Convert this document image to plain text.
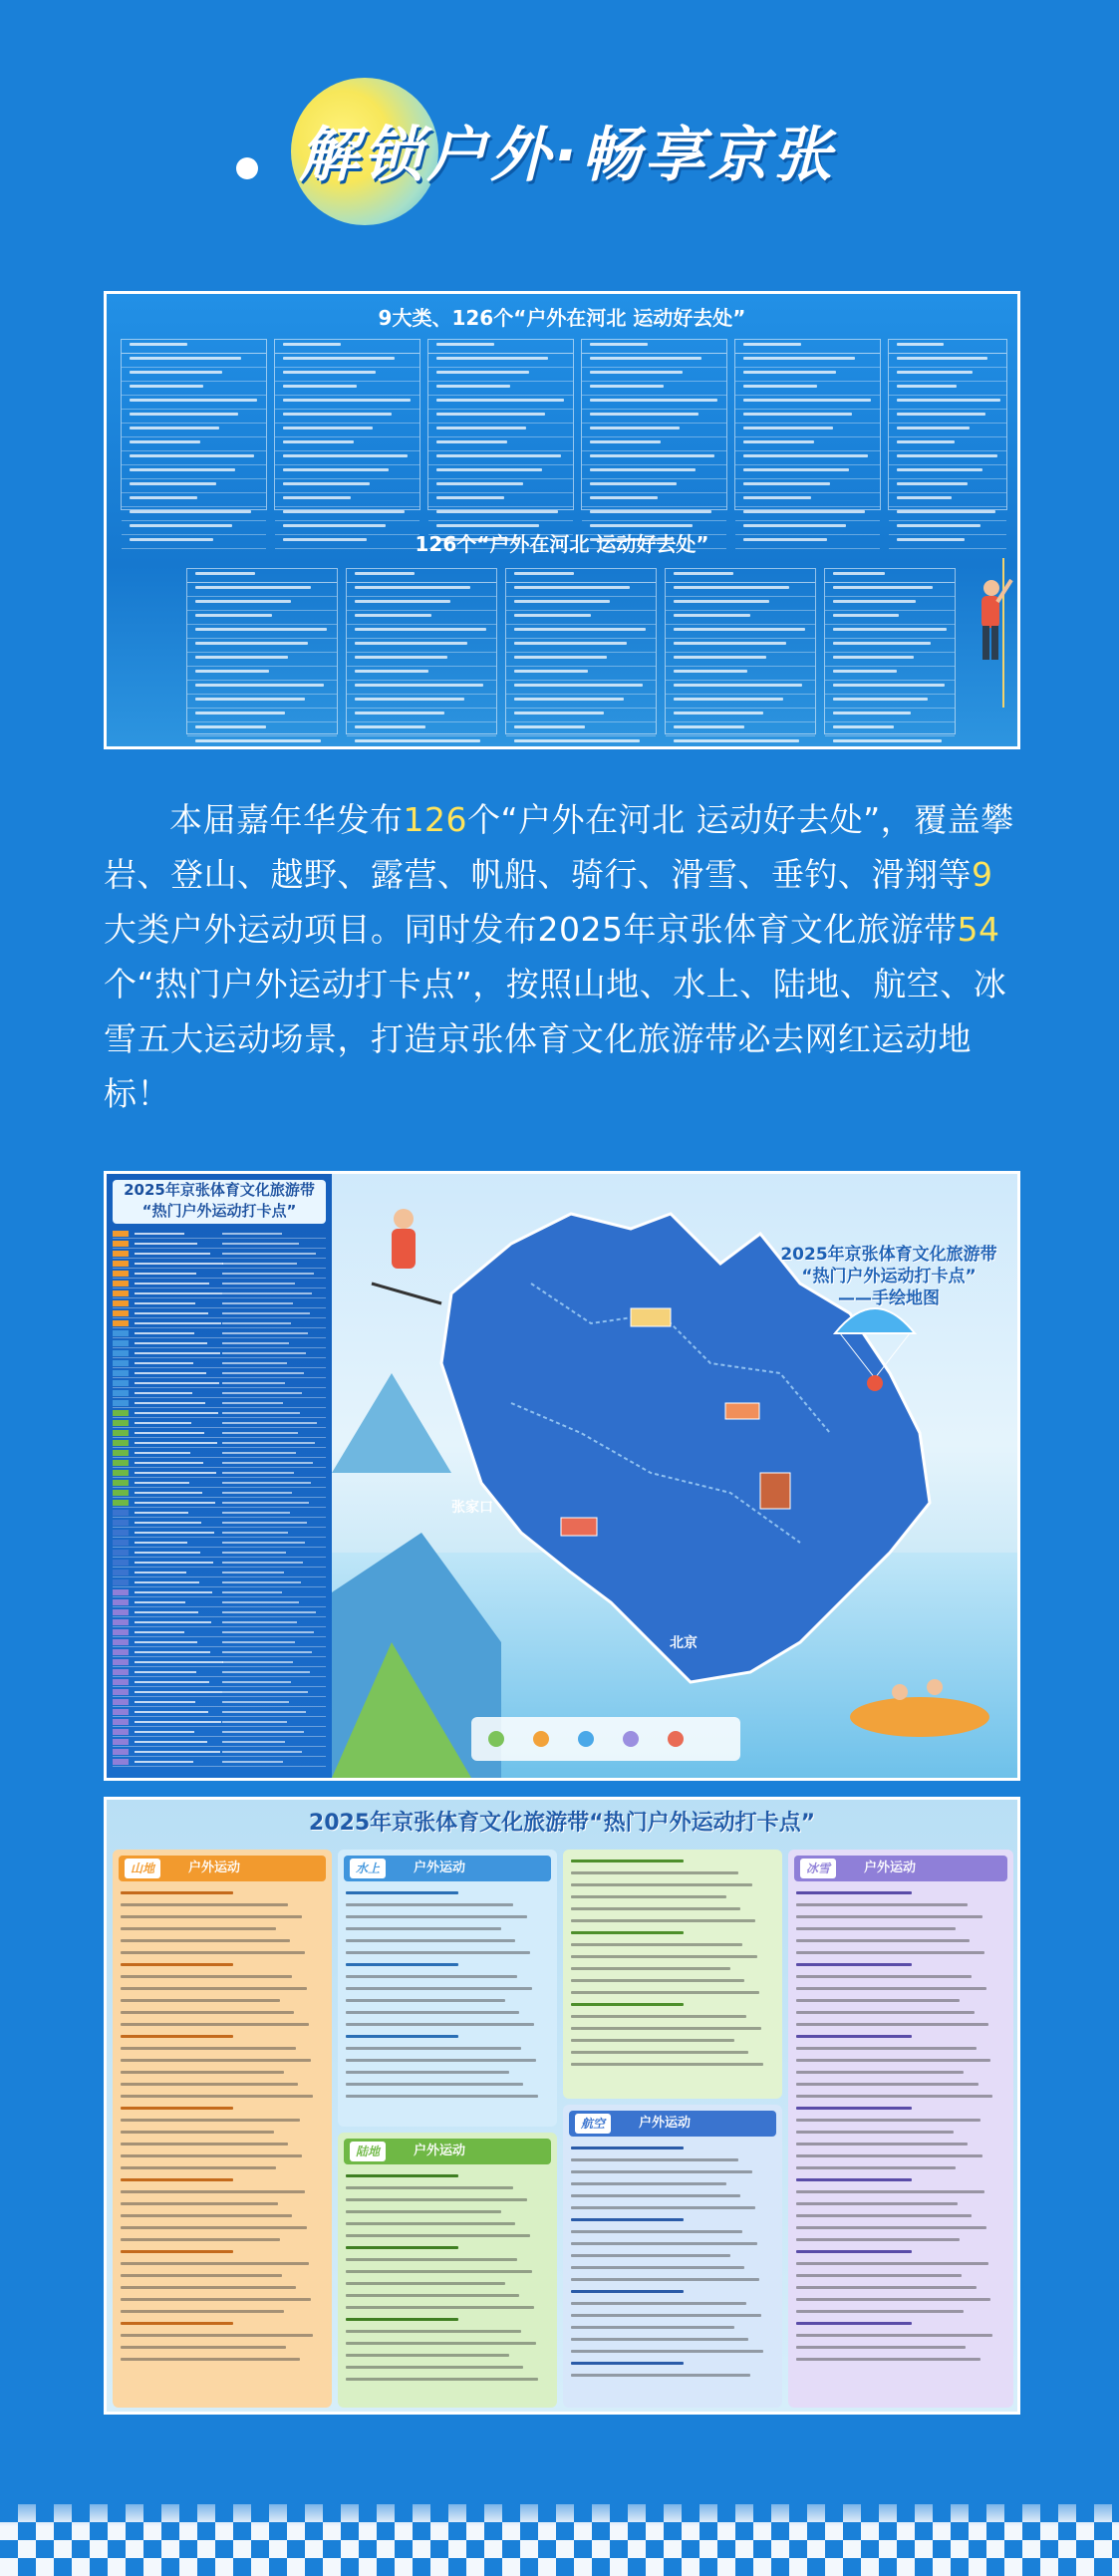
解锁户外·畅享京张
9大类、126个“户外在河北 运动好去处”
126个“户外在河北 运动好去处”

本届嘉年华发布126个“户外在河北 运动好去处”，覆盖攀岩、登山、越野、露营、帆船、骑行、滑雪、垂钓、滑翔等9大类户外运动项目。同时发布2025年京张体育文化旅游带54个“热门户外运动打卡点”，按照山地、水上、陆地、航空、冰雪五大运动场景，打造京张体育文化旅游带必去网红运动地标！

2025年京张体育文化旅游带
“热门户外运动打卡点”
张家口
北京
2025年京张体育文化旅游带
“热门户外运动打卡点”
——手绘地图
2025年京张体育文化旅游带“热门户外运动打卡点”
山地	户外运动	水上	户外运动
陆地	户外运动
航空	户外运动
冰雪	户外运动
